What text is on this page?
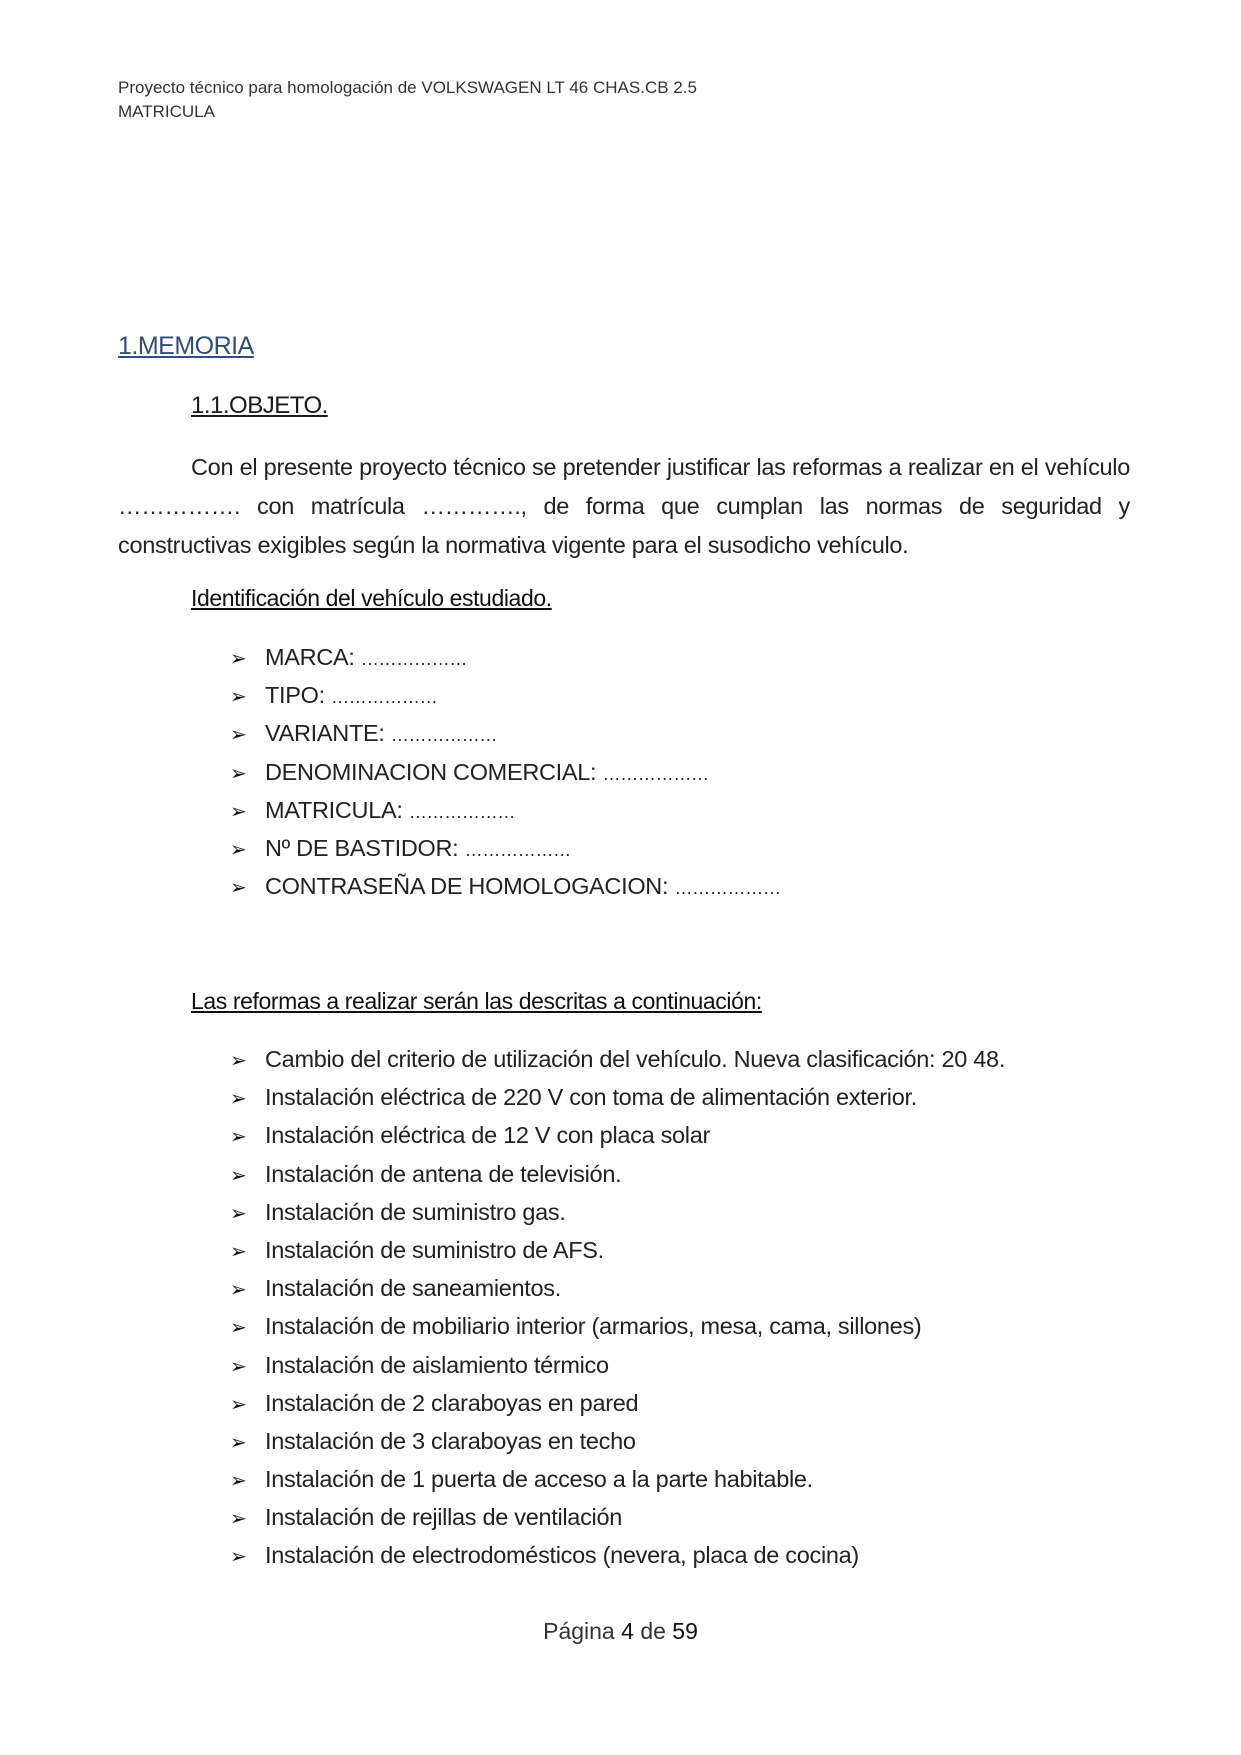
Proyecto técnico para homologación de VOLKSWAGEN LT 46 CHAS.CB 2.5
MATRICULA
1.MEMORIA
1.1.OBJETO.
Con el presente proyecto técnico se pretender justificar las reformas a realizar en el vehículo ……………. con matrícula …………., de forma que cumplan las normas de seguridad y constructivas exigibles según la normativa vigente para el susodicho vehículo.
Identificación del vehículo estudiado.
➢ MARCA: ………………
➢ TIPO: ………………
➢ VARIANTE: ………………
➢ DENOMINACION COMERCIAL: ………………
➢ MATRICULA: ………………
➢ Nº DE BASTIDOR: ………………
➢ CONTRASEÑA DE HOMOLOGACION: ………………
Las reformas a realizar serán las descritas a continuación:
➢ Cambio del criterio de utilización del vehículo. Nueva clasificación: 20 48.
➢ Instalación eléctrica de 220 V con toma de alimentación exterior.
➢ Instalación eléctrica de 12 V con placa solar
➢ Instalación de antena de televisión.
➢ Instalación de suministro gas.
➢ Instalación de suministro de AFS.
➢ Instalación de saneamientos.
➢ Instalación de mobiliario interior (armarios, mesa, cama, sillones)
➢ Instalación de aislamiento térmico
➢ Instalación de 2 claraboyas en pared
➢ Instalación de 3 claraboyas en techo
➢ Instalación de 1 puerta de acceso a la parte habitable.
➢ Instalación de rejillas de ventilación
➢ Instalación de electrodomésticos (nevera, placa de cocina)
Página 4 de 59
